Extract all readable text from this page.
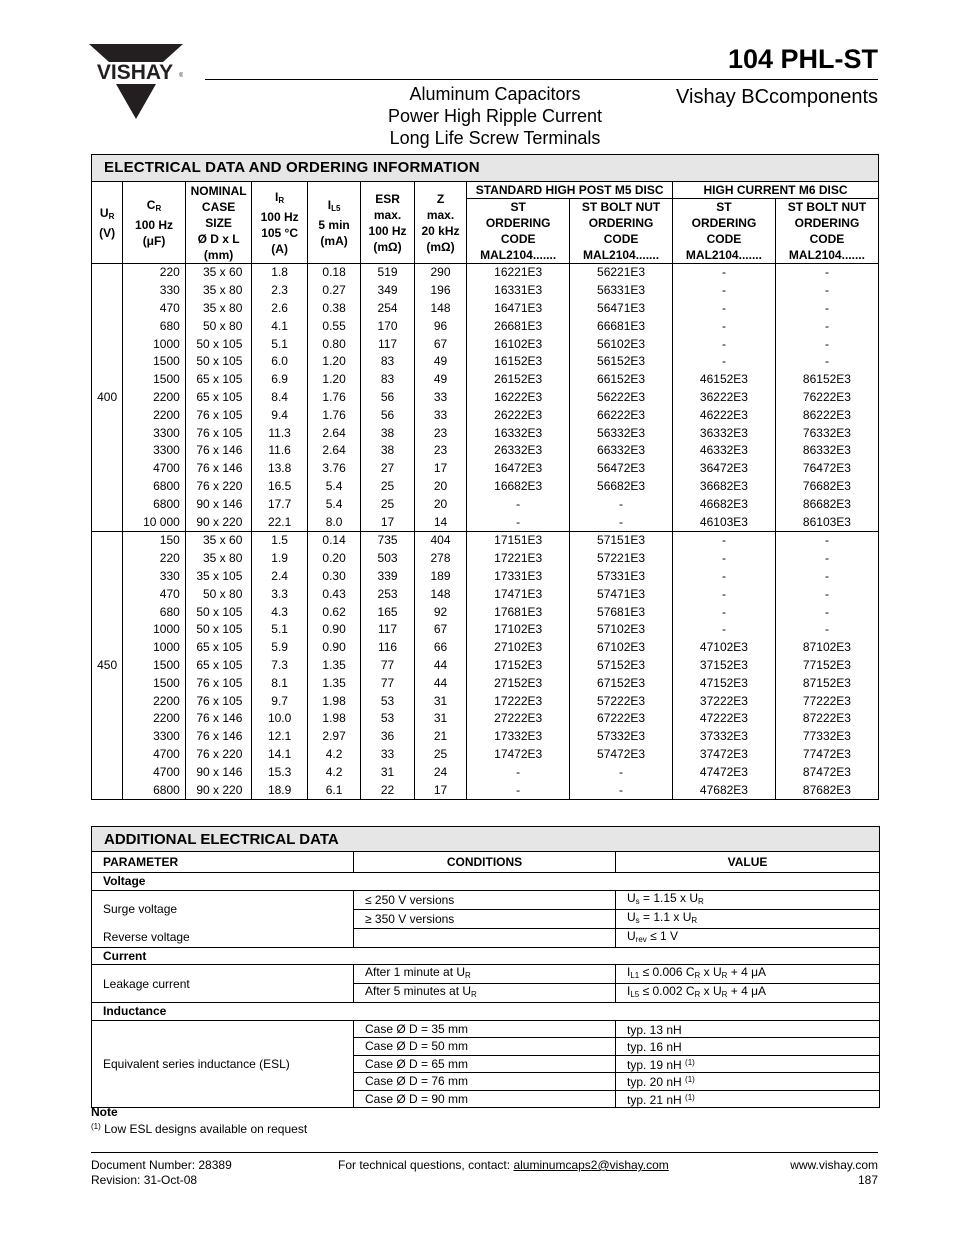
VISHAY ®
104 PHL-ST
Aluminum Capacitors
Power High Ripple Current
Long Life Screw Terminals
Vishay BCcomponents
ELECTRICAL DATA AND ORDERING INFORMATION										
$U_R$
(V)	$C_R$
100 Hz
(μF)	NOMINAL
CASE
SIZE
Ø D x L
(mm)	$I_R$
100 Hz
105 °C
(A)	$I_{L5}$
5 min
(mA)	ESR
max.
100 Hz
(mΩ)	Z
max.
20 kHz
(mΩ)	STANDARD HIGH POST M5 DISC		HIGH CURRENT M6 DISC	
							ST
ORDERING
CODE
MAL2104.......	ST BOLT NUT
ORDERING
CODE
MAL2104.......	ST
ORDERING
CODE
MAL2104.......	ST BOLT NUT
ORDERING
CODE
MAL2104.......
400	220	35 x 60	1.8	0.18	519	290	16221E3	56221E3	-	-
	330	35 x 80	2.3	0.27	349	196	16331E3	56331E3	-	-
	470	35 x 80	2.6	0.38	254	148	16471E3	56471E3	-	-
	680	50 x 80	4.1	0.55	170	96	26681E3	66681E3	-	-
	1000	50 x 105	5.1	0.80	117	67	16102E3	56102E3	-	-
	1500	50 x 105	6.0	1.20	83	49	16152E3	56152E3	-	-
	1500	65 x 105	6.9	1.20	83	49	26152E3	66152E3	46152E3	86152E3
	2200	65 x 105	8.4	1.76	56	33	16222E3	56222E3	36222E3	76222E3
	2200	76 x 105	9.4	1.76	56	33	26222E3	66222E3	46222E3	86222E3
	3300	76 x 105	11.3	2.64	38	23	16332E3	56332E3	36332E3	76332E3
	3300	76 x 146	11.6	2.64	38	23	26332E3	66332E3	46332E3	86332E3
	4700	76 x 146	13.8	3.76	27	17	16472E3	56472E3	36472E3	76472E3
	6800	76 x 220	16.5	5.4	25	20	16682E3	56682E3	36682E3	76682E3
	6800	90 x 146	17.7	5.4	25	20	-	-	46682E3	86682E3
	10 000	90 x 220	22.1	8.0	17	14	-	-	46103E3	86103E3
450	150	35 x 60	1.5	0.14	735	404	17151E3	57151E3	-	-
	220	35 x 80	1.9	0.20	503	278	17221E3	57221E3	-	-
	330	35 x 105	2.4	0.30	339	189	17331E3	57331E3	-	-
	470	50 x 80	3.3	0.43	253	148	17471E3	57471E3	-	-
	680	50 x 105	4.3	0.62	165	92	17681E3	57681E3	-	-
	1000	50 x 105	5.1	0.90	117	67	17102E3	57102E3	-	-
	1000	65 x 105	5.9	0.90	116	66	27102E3	67102E3	47102E3	87102E3
	1500	65 x 105	7.3	1.35	77	44	17152E3	57152E3	37152E3	77152E3
	1500	76 x 105	8.1	1.35	77	44	27152E3	67152E3	47152E3	87152E3
	2200	76 x 105	9.7	1.98	53	31	17222E3	57222E3	37222E3	77222E3
	2200	76 x 146	10.0	1.98	53	31	27222E3	67222E3	47222E3	87222E3
	3300	76 x 146	12.1	2.97	36	21	17332E3	57332E3	37332E3	77332E3
	4700	76 x 220	14.1	4.2	33	25	17472E3	57472E3	37472E3	77472E3
	4700	90 x 146	15.3	4.2	31	24	-	-	47472E3	87472E3
	6800	90 x 220	18.9	6.1	22	17	-	-	47682E3	87682E3
ADDITIONAL ELECTRICAL DATA		
PARAMETER	CONDITIONS	VALUE
Voltage		
Surge voltage	≤ 250 V versions	$U_s = 1.15$ x $U_R$
	≥ 350 V versions	$U_s = 1.1$ x $U_R$
Reverse voltage		$U_{rev} \le 1$ V
Current		
Leakage current	After 1 minute at $U_R$	$I_{L1} \le 0.006$ $C_R$ x $U_R + 4$ μA
	After 5 minutes at $U_R$	$I_{L5} \le 0.002$ $C_R$ x $U_R + 4$ μA
Inductance		
Equivalent series inductance (ESL)	Case Ø D = 35 mm	typ. 13 nH
	Case Ø D = 50 mm	typ. 16 nH
	Case Ø D = 65 mm	typ. 19 nH $^{(1)}$
	Case Ø D = 76 mm	typ. 20 nH $^{(1)}$
	Case Ø D = 90 mm	typ. 21 nH $^{(1)}$
Note
$^{(1)}$ Low ESL designs available on request
Document Number: 28389
Revision: 31-Oct-08
For technical questions, contact: aluminumcaps2@vishay.com	www.vishay.com
187
